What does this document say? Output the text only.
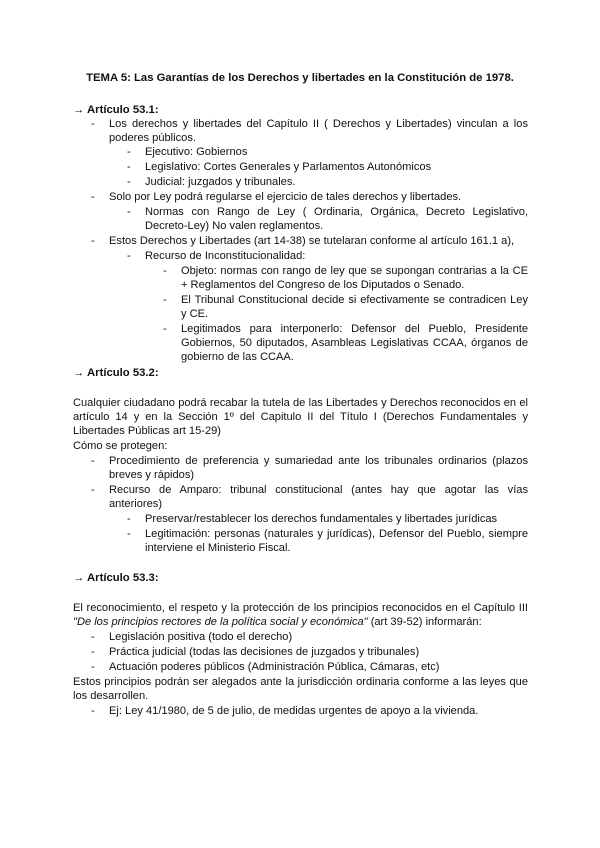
TEMA 5: Las Garantías de los Derechos y libertades en la Constitución de 1978.
→ Artículo 53.1:
- Los derechos y libertades del Capítulo II ( Derechos y Libertades) vinculan a los
poderes públicos.
- Ejecutivo: Gobiernos
- Legislativo: Cortes Generales y Parlamentos Autonómicos
- Judicial: juzgados y tribunales.
- Solo por Ley podrá regularse el ejercicio de tales derechos y libertades.
- Normas con Rango de Ley ( Ordinaria, Orgánica, Decreto Legislativo,
Decreto-Ley) No valen reglamentos.
- Estos Derechos y Libertades (art 14-38) se tutelaran conforme al artículo 161.1 a),
- Recurso de Inconstitucionalidad:
- Objeto: normas con rango de ley que se supongan contrarias a la CE
+ Reglamentos del Congreso de los Diputados o Senado.
- El Tribunal Constitucional decide si efectivamente se contradicen Ley
y CE.
- Legitimados para interponerlo: Defensor del Pueblo, Presidente
Gobiernos, 50 diputados, Asambleas Legislativas CCAA, órganos de
gobierno de las CCAA.
→ Artículo 53.2:
Cualquier ciudadano podrá recabar la tutela de las Libertades y Derechos reconocidos en el
artículo 14 y en la Sección 1º del Capitulo II del Título I (Derechos Fundamentales y
Libertades Públicas art 15-29)
Cómo se protegen:
- Procedimiento de preferencia y sumariedad ante los tribunales ordinarios (plazos
breves y rápidos)
- Recurso de Amparo: tribunal constitucional (antes hay que agotar las vías
anteriores)
- Preservar/restablecer los derechos fundamentales y libertades jurídicas
- Legitimación: personas (naturales y jurídicas), Defensor del Pueblo, siempre
interviene el Ministerio Fiscal.
→ Artículo 53.3:
El reconocimiento, el respeto y la protección de los principios reconocidos en el Capítulo III
"De los principios rectores de la política social y económica" (art 39-52) informarán:
- Legislación positiva (todo el derecho)
- Práctica judicial (todas las decisiones de juzgados y tribunales)
- Actuación poderes públicos (Administración Pública, Cámaras, etc)
Estos principios podrán ser alegados ante la jurisdicción ordinaria conforme a las leyes que
los desarrollen.
- Ej: Ley 41/1980, de 5 de julio, de medidas urgentes de apoyo a la vivienda.
